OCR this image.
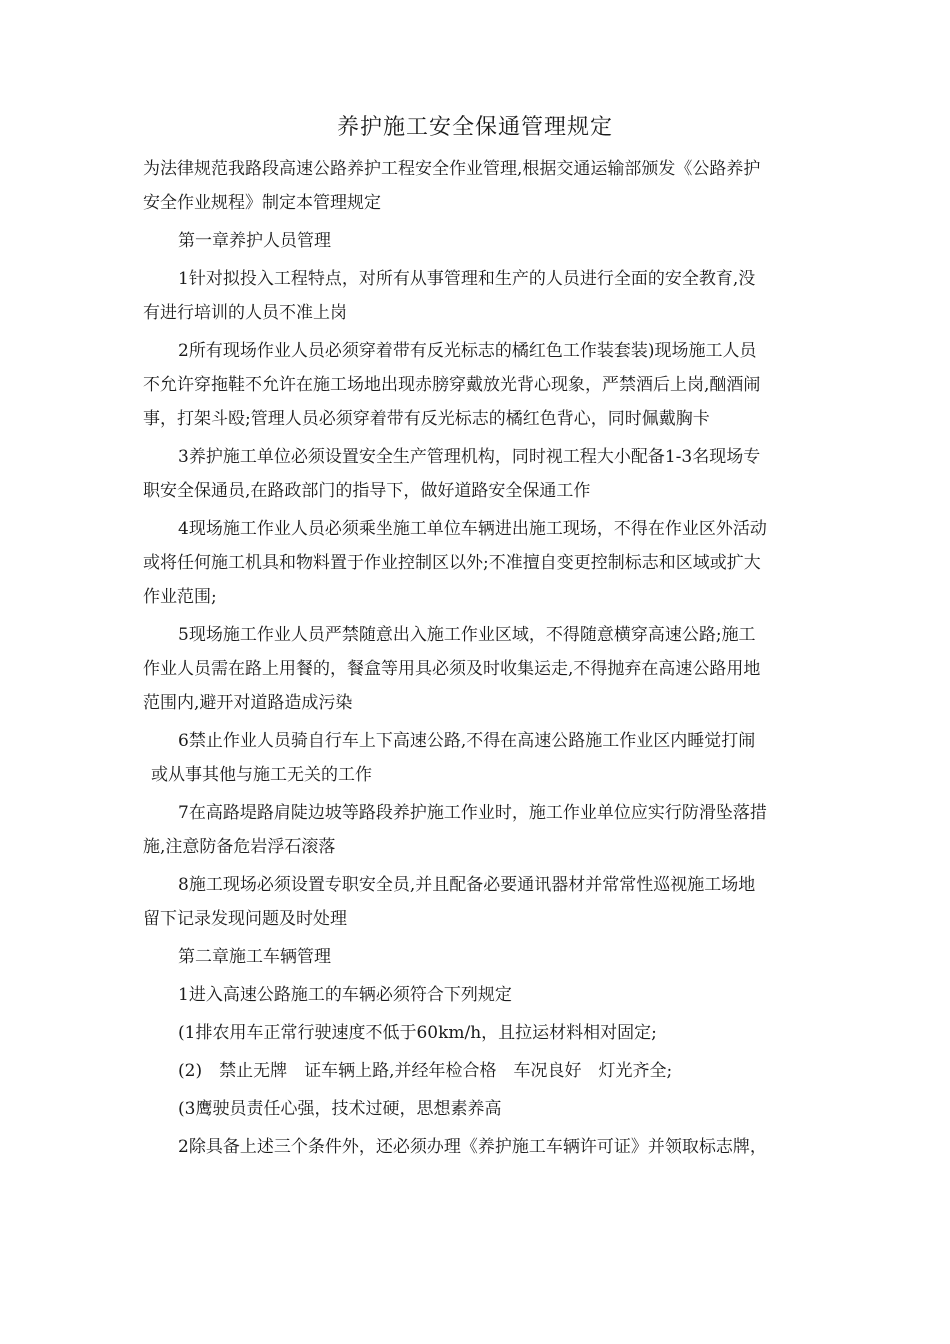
养护施工安全保通管理规定
为法律规范我路段高速公路养护工程安全作业管理,根据交通运输部颁发《公路养护
安全作业规程》制定本管理规定
第一章养护人员管理
1针对拟投入工程特点，对所有从事管理和生产的人员进行全面的安全教育,没
有进行培训的人员不准上岗
2所有现场作业人员必须穿着带有反光标志的橘红色工作装套装)现场施工人员
不允许穿拖鞋不允许在施工场地出现赤膀穿戴放光背心现象，严禁酒后上岗,酗酒闹
事，打架斗殴;管理人员必须穿着带有反光标志的橘红色背心，同时佩戴胸卡
3养护施工单位必须设置安全生产管理机构，同时视工程大小配备1-3名现场专
职安全保通员,在路政部门的指导下，做好道路安全保通工作
4现场施工作业人员必须乘坐施工单位车辆进出施工现场，不得在作业区外活动
或将任何施工机具和物料置于作业控制区以外;不准擅自变更控制标志和区域或扩大
作业范围;
5现场施工作业人员严禁随意出入施工作业区域，不得随意横穿高速公路;施工
作业人员需在路上用餐的，餐盒等用具必须及时收集运走,不得抛弃在高速公路用地
范围内,避开对道路造成污染
6禁止作业人员骑自行车上下高速公路,不得在高速公路施工作业区内睡觉打闹
或从事其他与施工无关的工作
7在高路堤路肩陡边坡等路段养护施工作业时，施工作业单位应实行防滑坠落措
施,注意防备危岩浮石滚落
8施工现场必须设置专职安全员,并且配备必要通讯器材并常常性巡视施工场地
留下记录发现问题及时处理
第二章施工车辆管理
1进入高速公路施工的车辆必须符合下列规定
(1排农用车正常行驶速度不低于60km/h，且拉运材料相对固定;
(2)　禁止无牌　证车辆上路,并经年检合格　车况良好　灯光齐全;
(3鹰驶员责任心强，技术过硬，思想素养高
2除具备上述三个条件外，还必须办理《养护施工车辆许可证》并领取标志牌，
